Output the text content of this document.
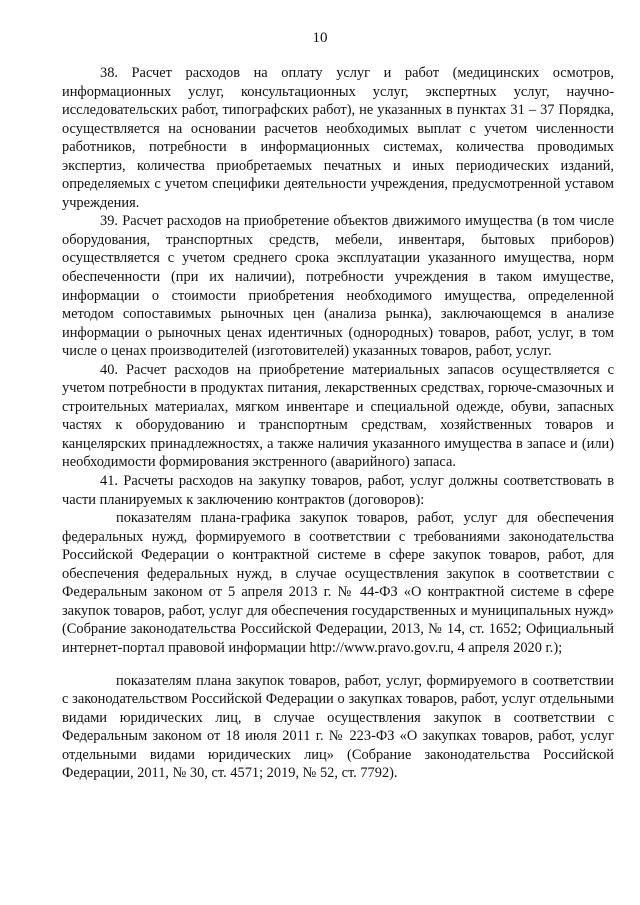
10

38. Расчет расходов на оплату услуг и работ (медицинских осмотров, информационных услуг, консультационных услуг, экспертных услуг, научно-исследовательских работ, типографских работ), не указанных в пунктах 31 – 37 Порядка, осуществляется на основании расчетов необходимых выплат с учетом численности работников, потребности в информационных системах, количества проводимых экспертиз, количества приобретаемых печатных и иных периодических изданий, определяемых с учетом специфики деятельности учреждения, предусмотренной уставом учреждения.

39. Расчет расходов на приобретение объектов движимого имущества (в том числе оборудования, транспортных средств, мебели, инвентаря, бытовых приборов) осуществляется с учетом среднего срока эксплуатации указанного имущества, норм обеспеченности (при их наличии), потребности учреждения в таком имуществе, информации о стоимости приобретения необходимого имущества, определенной методом сопоставимых рыночных цен (анализа рынка), заключающемся в анализе информации о рыночных ценах идентичных (однородных) товаров, работ, услуг, в том числе о ценах производителей (изготовителей) указанных товаров, работ, услуг.

40. Расчет расходов на приобретение материальных запасов осуществляется с учетом потребности в продуктах питания, лекарственных средствах, горюче-смазочных и строительных материалах, мягком инвентаре и специальной одежде, обуви, запасных частях к оборудованию и транспортным средствам, хозяйственных товаров и канцелярских принадлежностях, а также наличия указанного имущества в запасе и (или) необходимости формирования экстренного (аварийного) запаса.

41. Расчеты расходов на закупку товаров, работ, услуг должны соответствовать в части планируемых к заключению контрактов (договоров):

показателям плана-графика закупок товаров, работ, услуг для обеспечения федеральных нужд, формируемого в соответствии с требованиями законодательства Российской Федерации о контрактной системе в сфере закупок товаров, работ, для обеспечения федеральных нужд, в случае осуществления закупок в соответствии с Федеральным законом от 5 апреля 2013 г. № 44-ФЗ «О контрактной системе в сфере закупок товаров, работ, услуг для обеспечения государственных и муниципальных нужд» (Собрание законодательства Российской Федерации, 2013, № 14, ст. 1652; Официальный интернет-портал правовой информации http://www.pravo.gov.ru, 4 апреля 2020 г.);

показателям плана закупок товаров, работ, услуг, формируемого в соответствии с законодательством Российской Федерации о закупках товаров, работ, услуг отдельными видами юридических лиц, в случае осуществления закупок в соответствии с Федеральным законом от 18 июля 2011 г. № 223-ФЗ «О закупках товаров, работ, услуг отдельными видами юридических лиц» (Собрание законодательства Российской Федерации, 2011, № 30, ст. 4571; 2019, № 52, ст. 7792).
